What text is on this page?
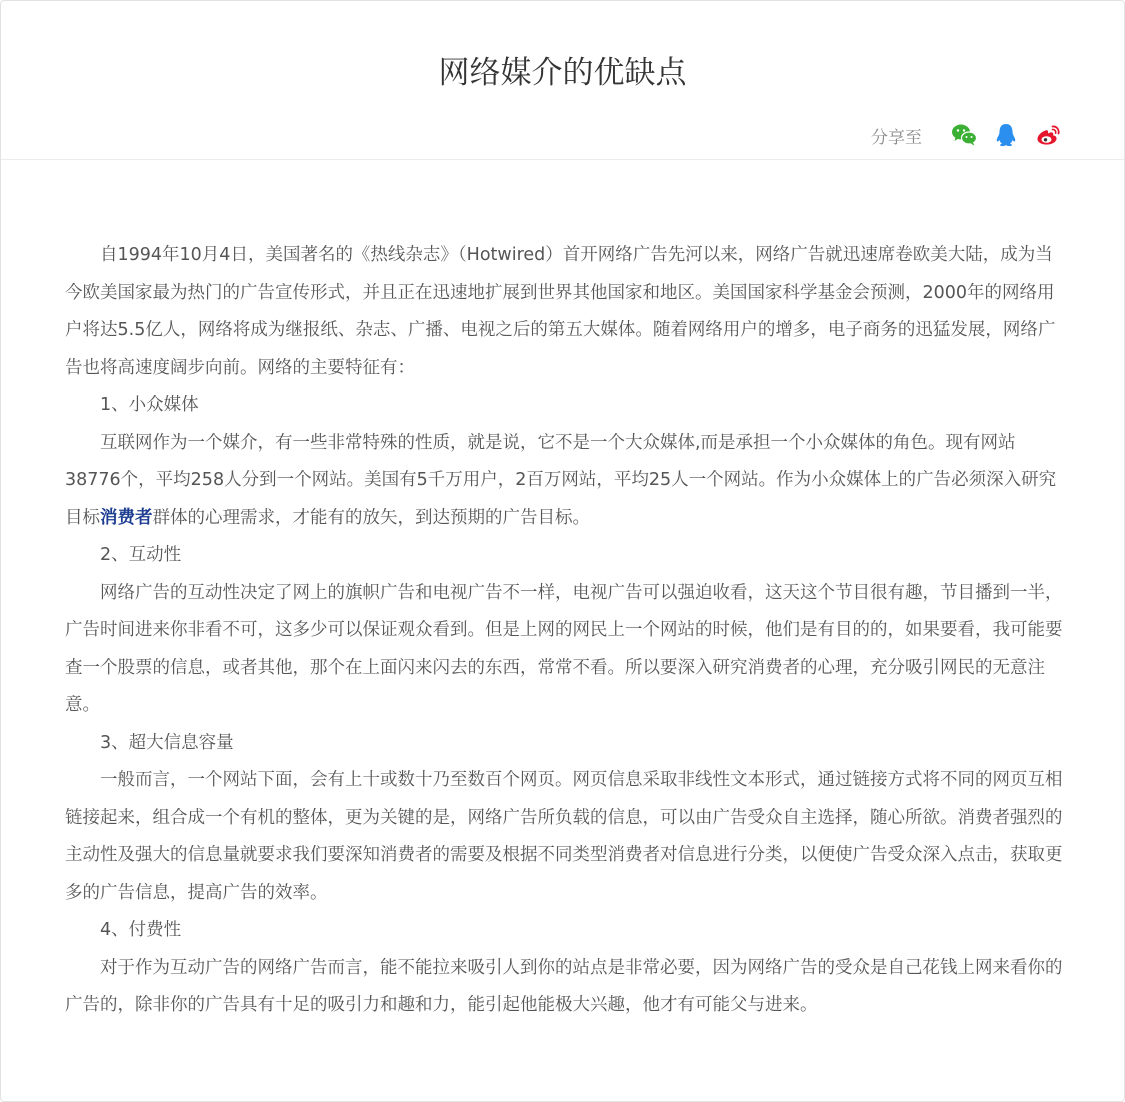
网络媒介的优缺点
分享至

自1994年10月4日，美国著名的《热线杂志》（Hotwired）首开网络广告先河以来，网络广告就迅速席卷欧美大陆，成为当今欧美国家最为热门的广告宣传形式，并且正在迅速地扩展到世界其他国家和地区。美国国家科学基金会预测，2000年的网络用户将达5.5亿人，网络将成为继报纸、杂志、广播、电视之后的第五大媒体。随着网络用户的增多，电子商务的迅猛发展，网络广告也将高速度阔步向前。网络的主要特征有：

1、小众媒体

互联网作为一个媒介，有一些非常特殊的性质，就是说，它不是一个大众媒体,而是承担一个小众媒体的角色。现有网站38776个，平均258人分到一个网站。美国有5千万用户，2百万网站，平均25人一个网站。作为小众媒体上的广告必须深入研究目标消费者群体的心理需求，才能有的放矢，到达预期的广告目标。

2、互动性

网络广告的互动性决定了网上的旗帜广告和电视广告不一样，电视广告可以强迫收看，这天这个节目很有趣，节目播到一半，广告时间进来你非看不可，这多少可以保证观众看到。但是上网的网民上一个网站的时候，他们是有目的的，如果要看，我可能要查一个股票的信息，或者其他，那个在上面闪来闪去的东西，常常不看。所以要深入研究消费者的心理，充分吸引网民的无意注意。

3、超大信息容量

一般而言，一个网站下面，会有上十或数十乃至数百个网页。网页信息采取非线性文本形式，通过链接方式将不同的网页互相链接起来，组合成一个有机的整体，更为关键的是，网络广告所负载的信息，可以由广告受众自主选择，随心所欲。消费者强烈的主动性及强大的信息量就要求我们要深知消费者的需要及根据不同类型消费者对信息进行分类，以便使广告受众深入点击，获取更多的广告信息，提高广告的效率。

4、付费性

对于作为互动广告的网络广告而言，能不能拉来吸引人到你的站点是非常必要，因为网络广告的受众是自己花钱上网来看你的广告的，除非你的广告具有十足的吸引力和趣和力，能引起他能极大兴趣，他才有可能父与进来。
